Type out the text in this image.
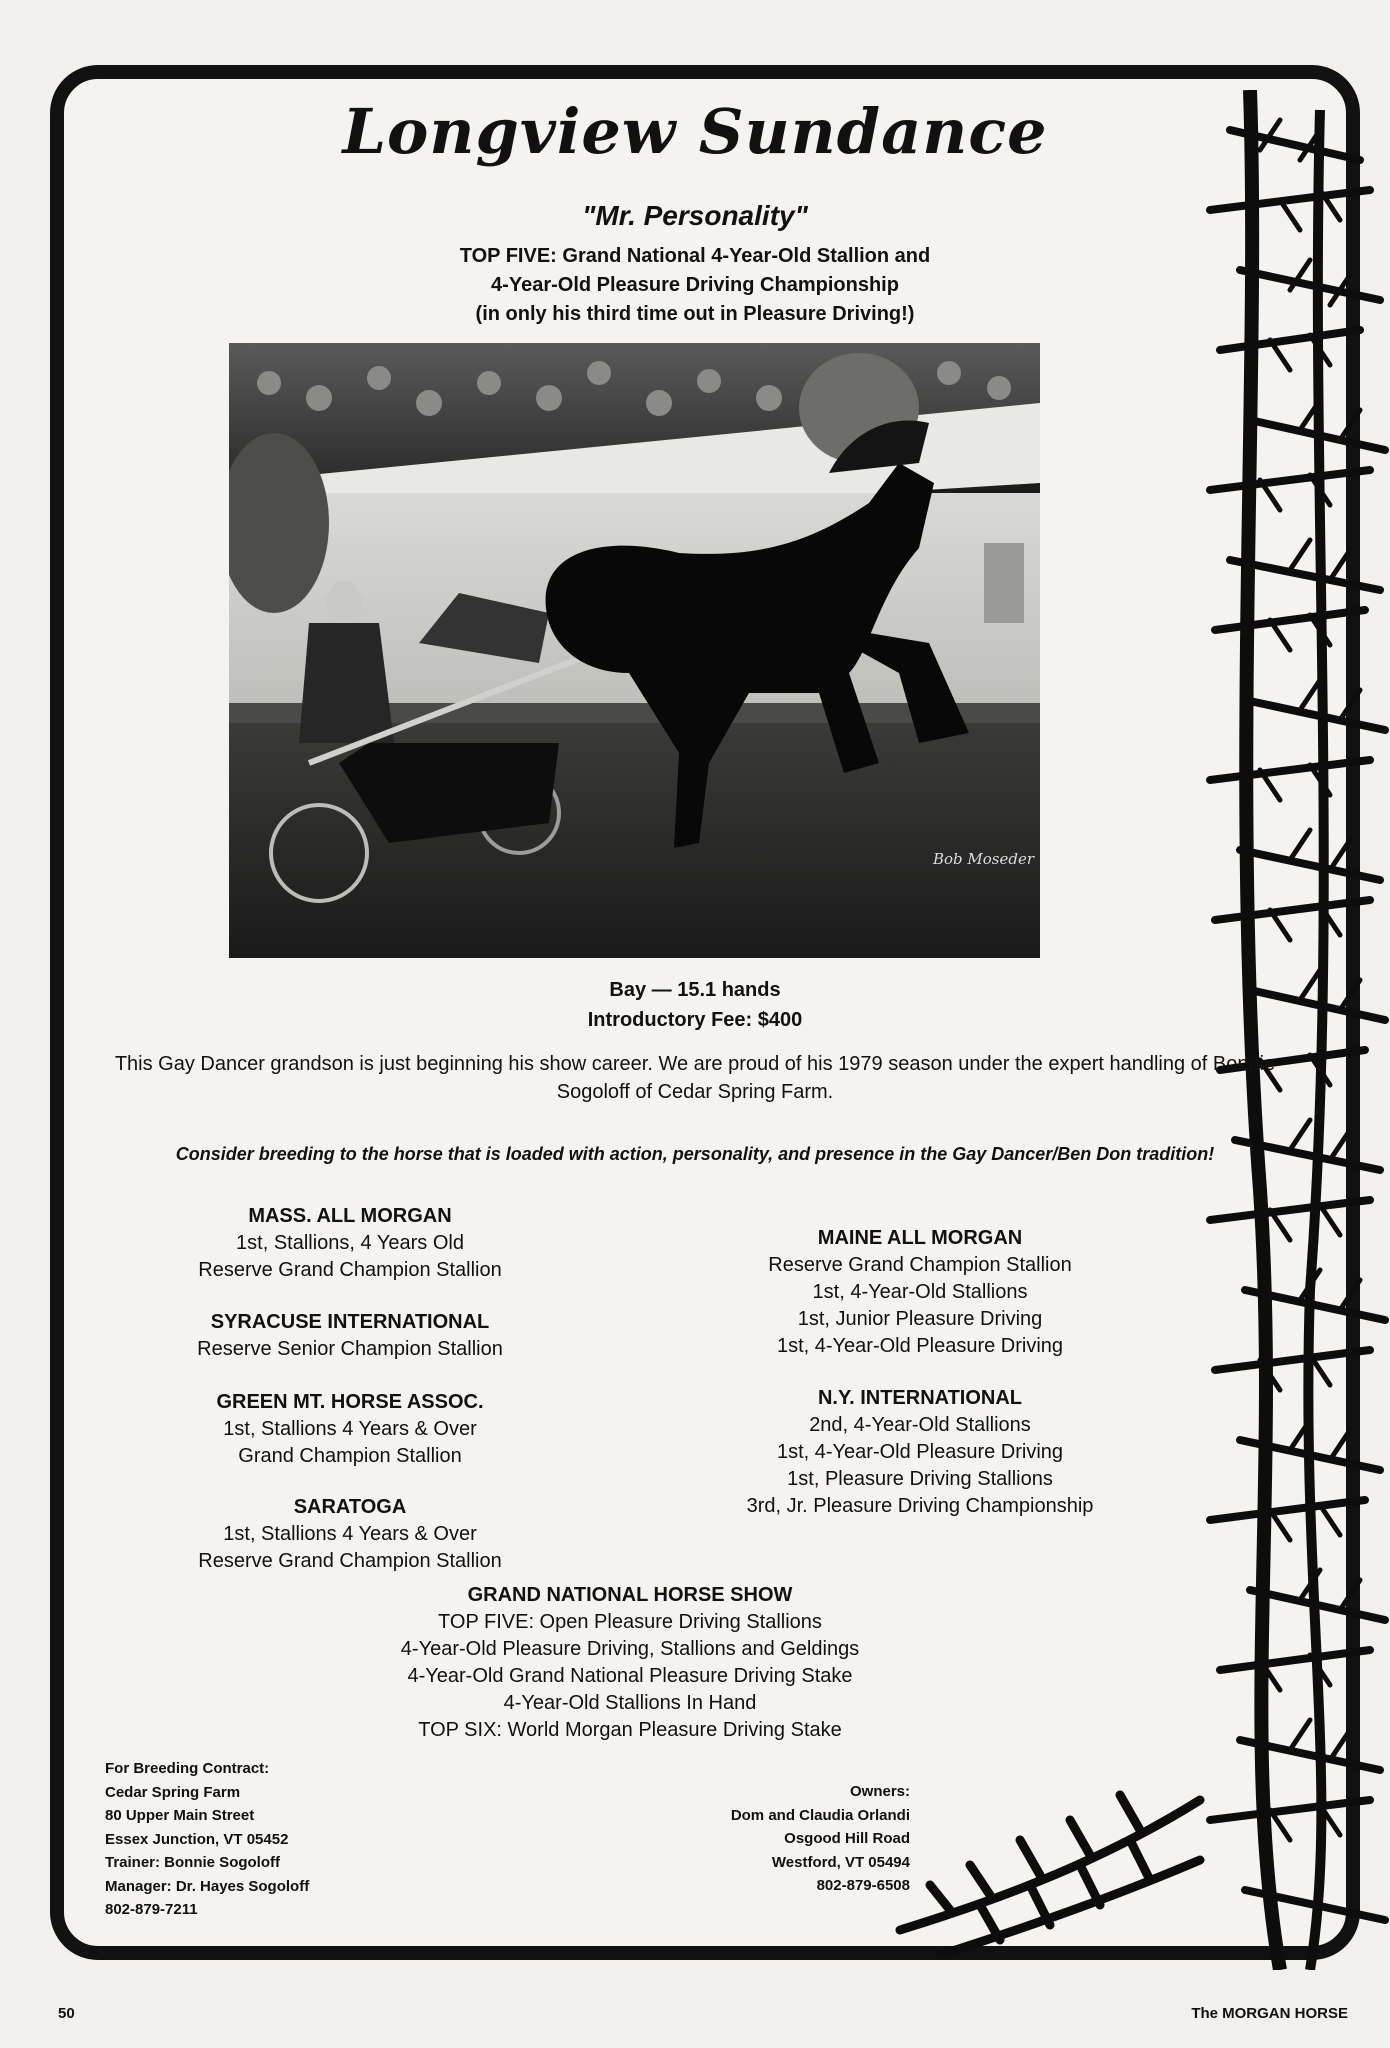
Longview Sundance
"Mr. Personality"
TOP FIVE: Grand National 4-Year-Old Stallion and
4-Year-Old Pleasure Driving Championship
(in only his third time out in Pleasure Driving!)
Bob Moseder
Bay — 15.1 hands
Introductory Fee: $400
This Gay Dancer grandson is just beginning his show career. We are proud of his 1979 season under the expert handling of Bonnie Sogoloff of Cedar Spring Farm.
Consider breeding to the horse that is loaded with action, personality, and presence in the Gay Dancer/Ben Don tradition!
MASS. ALL MORGAN
1st, Stallions, 4 Years Old
Reserve Grand Champion Stallion
SYRACUSE INTERNATIONAL
Reserve Senior Champion Stallion
GREEN MT. HORSE ASSOC.
1st, Stallions 4 Years & Over
Grand Champion Stallion
SARATOGA
1st, Stallions 4 Years & Over
Reserve Grand Champion Stallion
MAINE ALL MORGAN
Reserve Grand Champion Stallion
1st, 4-Year-Old Stallions
1st, Junior Pleasure Driving
1st, 4-Year-Old Pleasure Driving
N.Y. INTERNATIONAL
2nd, 4-Year-Old Stallions
1st, 4-Year-Old Pleasure Driving
1st, Pleasure Driving Stallions
3rd, Jr. Pleasure Driving Championship
GRAND NATIONAL HORSE SHOW
TOP FIVE: Open Pleasure Driving Stallions
4-Year-Old Pleasure Driving, Stallions and Geldings
4-Year-Old Grand National Pleasure Driving Stake
4-Year-Old Stallions In Hand
TOP SIX: World Morgan Pleasure Driving Stake
For Breeding Contract:
Cedar Spring Farm
80 Upper Main Street
Essex Junction, VT 05452
Trainer: Bonnie Sogoloff
Manager: Dr. Hayes Sogoloff
802-879-7211
Owners:
Dom and Claudia Orlandi
Osgood Hill Road
Westford, VT 05494
802-879-6508
50	The MORGAN HORSE
